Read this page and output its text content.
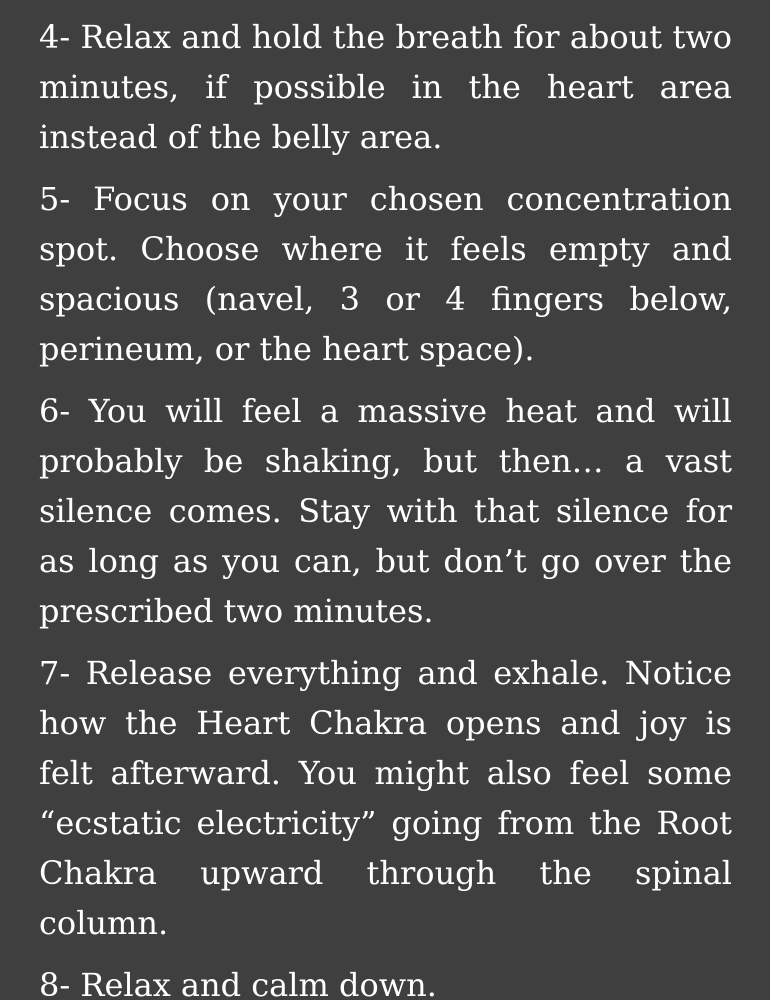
4- Relax and hold the breath for about two minutes, if possible in the heart area instead of the belly area.

5- Focus on your chosen concentration spot. Choose where it feels empty and spacious (navel, 3 or 4 fingers below, perineum, or the heart space).

6- You will feel a massive heat and will probably be shaking, but then… a vast silence comes. Stay with that silence for as long as you can, but don’t go over the prescribed two minutes.

7- Release everything and exhale. Notice how the Heart Chakra opens and joy is felt afterward. You might also feel some “ecstatic electricity” going from the Root Chakra upward through the spinal column.

8- Relax and calm down.
